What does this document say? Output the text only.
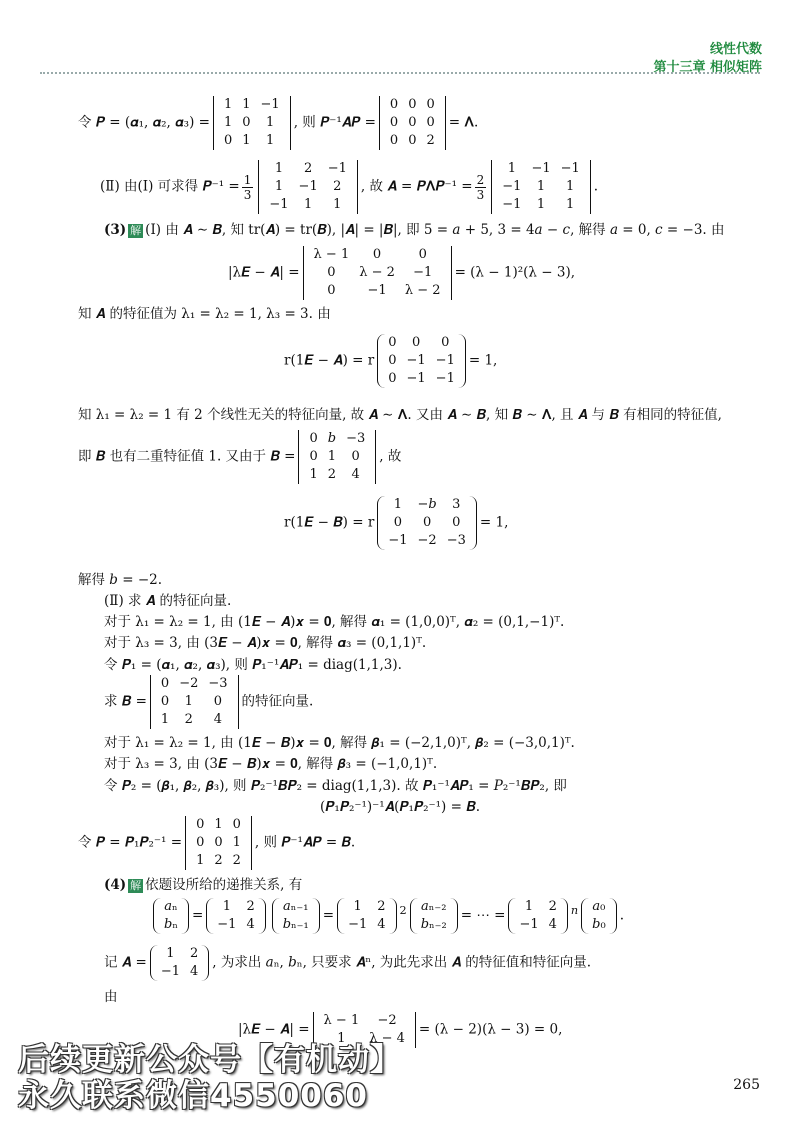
线性代数
第十三章 相似矩阵
令 𝑷 = (𝜶₁, 𝜶₂, 𝜶₃) =
1 1 −1
1 0	1
0 1	1
, 则 𝑷⁻¹𝑨𝑷 =
0 0 0
0 0 0
0 0 2
= 𝚲.
(Ⅱ) 由(Ⅰ) 可求得 𝑷⁻¹ = $\frac{1}{3}$
1	2	−1
1	−1	2
−1	1	1
, 故 𝑨 = 𝑷𝚲𝑷⁻¹ = $\frac{2}{3}$
1	−1 −1
−1	1	1
−1	1	1
.
(3) 解 (Ⅰ) 由 𝑨 ∼ 𝑩, 知 tr(𝑨) = tr(𝑩), |𝑨| = |𝑩|, 即 5 = 𝑎 + 5, 3 = 4𝑎 − 𝑐, 解得 𝑎 = 0, 𝑐 = −3. 由
|λ𝑬 − 𝑨| =
λ − 1	0	0
0	λ − 2	−1
0	−1	λ − 2
= (λ − 1)²(λ − 3),
知 𝑨 的特征值为 λ₁ = λ₂ = 1, λ₃ = 3. 由
r(1𝑬 − 𝑨) = r
0	0	0
0 −1 −1
0 −1 −1
= 1,
知 λ₁ = λ₂ = 1 有 2 个线性无关的特征向量, 故 𝑨 ∼ 𝚲. 又由 𝑨 ∼ 𝑩, 知 𝑩 ∼ 𝚲, 且 𝑨 与 𝑩 有相同的特征值,
即 𝑩 也有二重特征值 1. 又由于 𝑩 =
0 𝑏 −3
0 1	0
1 2	4
, 故
r(1𝑬 − 𝑩) = r
1	−𝑏	3
0	0	0
−1 −2 −3
= 1,
解得 𝑏 = −2.
(Ⅱ) 求 𝑨 的特征向量.
对于 λ₁ = λ₂ = 1, 由 (1𝑬 − 𝑨)𝒙 = 𝟎, 解得 𝜶₁ = (1,0,0)ᵀ, 𝜶₂ = (0,1,−1)ᵀ.
对于 λ₃ = 3, 由 (3𝑬 − 𝑨)𝒙 = 𝟎, 解得 𝜶₃ = (0,1,1)ᵀ.
令 𝑷₁ = (𝜶₁, 𝜶₂, 𝜶₃), 则 𝑷₁⁻¹𝑨𝑷₁ = diag(1,1,3).
求 𝑩 =
0 −2 −3
0	1	0
1	2	4
的特征向量.
对于 λ₁ = λ₂ = 1, 由 (1𝑬 − 𝑩)𝒙 = 𝟎, 解得 𝜷₁ = (−2,1,0)ᵀ, 𝜷₂ = (−3,0,1)ᵀ.
对于 λ₃ = 3, 由 (3𝑬 − 𝑩)𝒙 = 𝟎, 解得 𝜷₃ = (−1,0,1)ᵀ.
令 𝑷₂ = (𝜷₁, 𝜷₂, 𝜷₃), 则 𝑷₂⁻¹𝑩𝑷₂ = diag(1,1,3). 故 𝑷₁⁻¹𝑨𝑷₁ = 𝑃₂⁻¹𝑩𝑷₂, 即
(𝑷₁𝑷₂⁻¹)⁻¹𝑨(𝑷₁𝑷₂⁻¹) = 𝑩.
令 𝑷 = 𝑷₁𝑷₂⁻¹ =
0 1 0
0 0 1
1 2 2
, 则 𝑷⁻¹𝑨𝑷 = 𝑩.
(4) 解 依题设所给的递推关系, 有
𝑎ₙ
𝑏ₙ
=
1	2
−1 4
𝑎ₙ₋₁
𝑏ₙ₋₁
=
1	2
−1 4
$^2$	𝑎ₙ₋₂
𝑏ₙ₋₂
= ⋯ =
1	2
−1 4
$^𝑛$	𝑎₀
𝑏₀
.
记 𝑨 =
1	2
−1 4
, 为求出 𝑎ₙ, 𝑏ₙ, 只要求 𝑨ⁿ, 为此先求出 𝑨 的特征值和特征向量.
由
|λ𝑬 − 𝑨| =
λ − 1	−2
1	λ − 4
= (λ − 2)(λ − 3) = 0,
后续更新公众号【有机动】
永久联系微信4550060	265
